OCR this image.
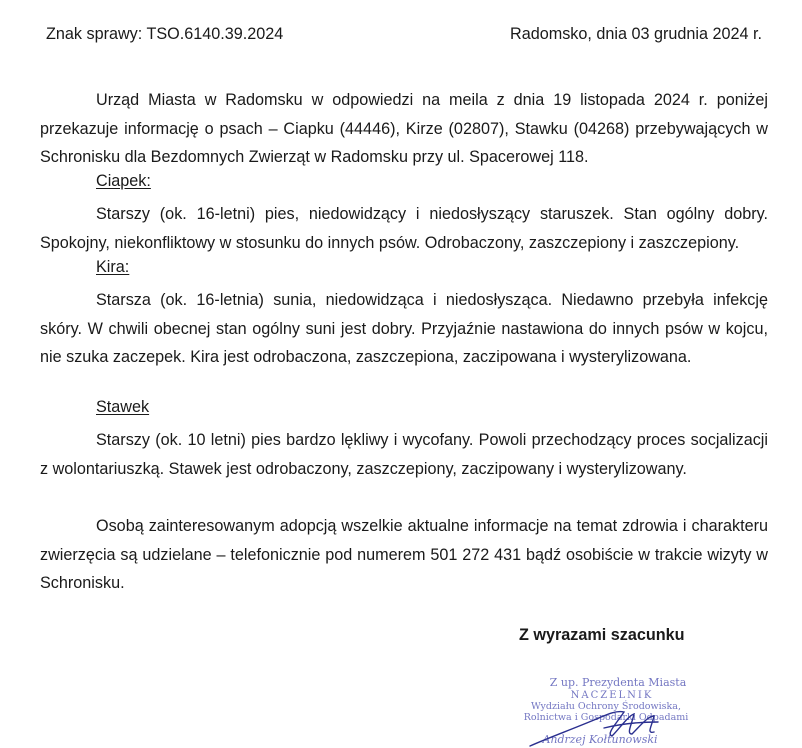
Znak sprawy: TSO.6140.39.2024	Radomsko, dnia 03 grudnia 2024 r.
Urząd Miasta w Radomsku w odpowiedzi na meila z dnia 19 listopada 2024 r. poniżej przekazuje informację o psach – Ciapku (44446), Kirze (02807), Stawku (04268) przebywających w Schronisku dla Bezdomnych Zwierząt w Radomsku przy ul. Spacerowej 118.
Ciapek:
Starszy (ok. 16-letni) pies, niedowidzący i niedosłyszący staruszek. Stan ogólny dobry. Spokojny, niekonfliktowy w stosunku do innych psów. Odrobaczony, zaszczepiony i zaszczepiony.
Kira:
Starsza (ok. 16-letnia) sunia, niedowidząca i niedosłysząca. Niedawno przebyła infekcję skóry. W chwili obecnej stan ogólny suni jest dobry. Przyjaźnie nastawiona do innych psów w kojcu, nie szuka zaczepek. Kira jest odrobaczona, zaszczepiona, zaczipowana i wysterylizowana.
Stawek
Starszy (ok. 10 letni) pies bardzo lękliwy i wycofany. Powoli przechodzący proces socjalizacji z wolontariuszką. Stawek jest odrobaczony, zaszczepiony, zaczipowany i wysterylizowany.
Osobą zainteresowanym adopcją wszelkie aktualne informacje na temat zdrowia i charakteru zwierzęcia są udzielane – telefonicznie pod numerem 501 272 431 bądź osobiście w trakcie wizyty w Schronisku.
Z wyrazami szacunku
Z up. Prezydenta Miasta
NACZELNIK
Wydziału Ochrony Środowiska,
Rolnictwa i Gospodarki Odpadami
Andrzej Kołtunowski
